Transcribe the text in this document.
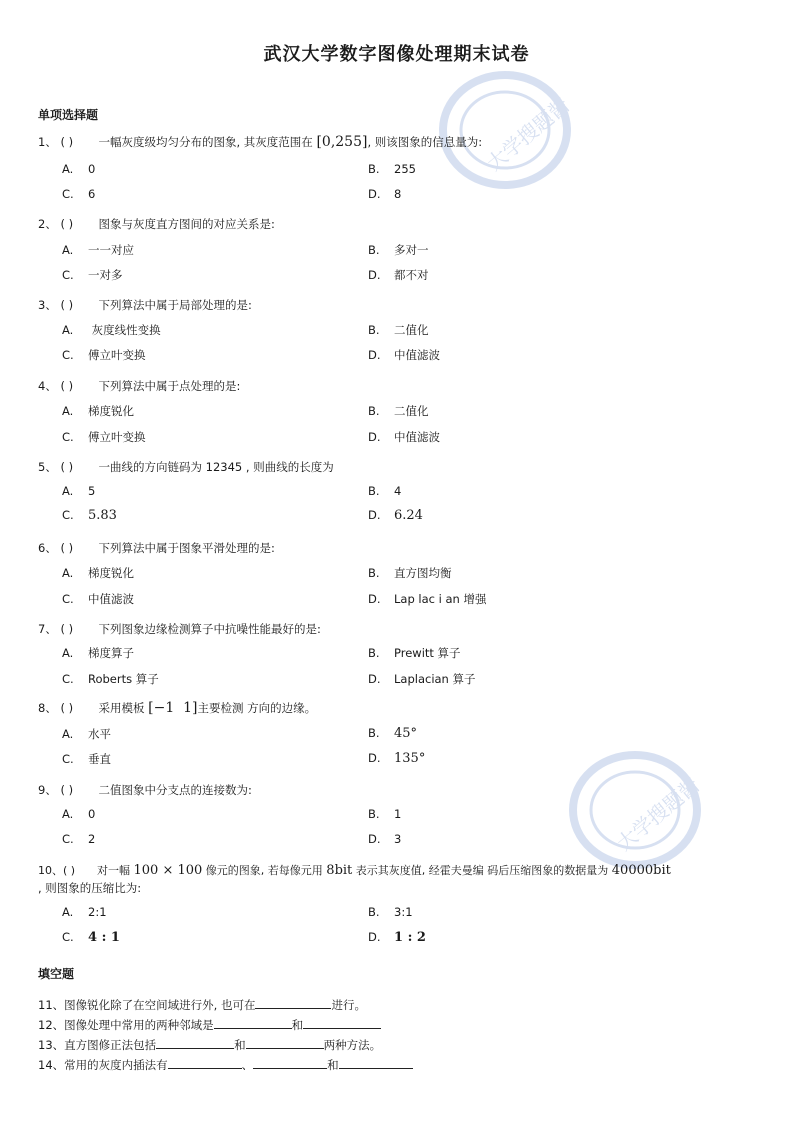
武汉大学数字图像处理期末试卷
大学搜题酱
大学搜题酱
单项选择题
1、 ( ) 一幅灰度级均匀分布的图象, 其灰度范围在 [0,255], 则该图象的信息量为:
A. 0	B. 255
C. 6	D. 8
2、 ( ) 图象与灰度直方图间的对应关系是:
A. 一一对应	B. 多对一
C. 一对多	D. 都不对
3、 ( ) 下列算法中属于局部处理的是:
A. 灰度线性变换	B. 二值化
C. 傅立叶变换	D. 中值滤波
4、 ( ) 下列算法中属于点处理的是:
A. 梯度锐化	B. 二值化
C. 傅立叶变换	D. 中值滤波
5、 ( ) 一曲线的方向链码为 12345 , 则曲线的长度为
A. 5	B. 4
C. 5.83	D. 6.24
6、 ( ) 下列算法中属于图象平滑处理的是:
A. 梯度锐化	B. 直方图均衡
C. 中值滤波	D. Lap lac i an 增强
7、 ( ) 下列图象边缘检测算子中抗噪性能最好的是:
A. 梯度算子	B. Prewitt 算子
C. Roberts 算子	D. Laplacian 算子
8、 ( ) 采用模板 [−1  1]主要检测 方向的边缘。
A. 水平	B. 45°
C. 垂直	D. 135°
9、 ( ) 二值图象中分支点的连接数为:
A. 0	B. 1
C. 2	D. 3
10、( ) 对一幅 100 × 100 像元的图象, 若每像元用 8bit 表示其灰度值, 经霍夫曼编 码后压缩图象的数据量为 40000bit
, 则图象的压缩比为:
A. 2:1	B. 3:1
C. 4 : 1	D. 1 : 2
填空题
11、图像锐化除了在空间域进行外, 也可在	进行。
12、图像处理中常用的两种邻域是	和
13、直方图修正法包括	和	两种方法。
14、常用的灰度内插法有	、	和
